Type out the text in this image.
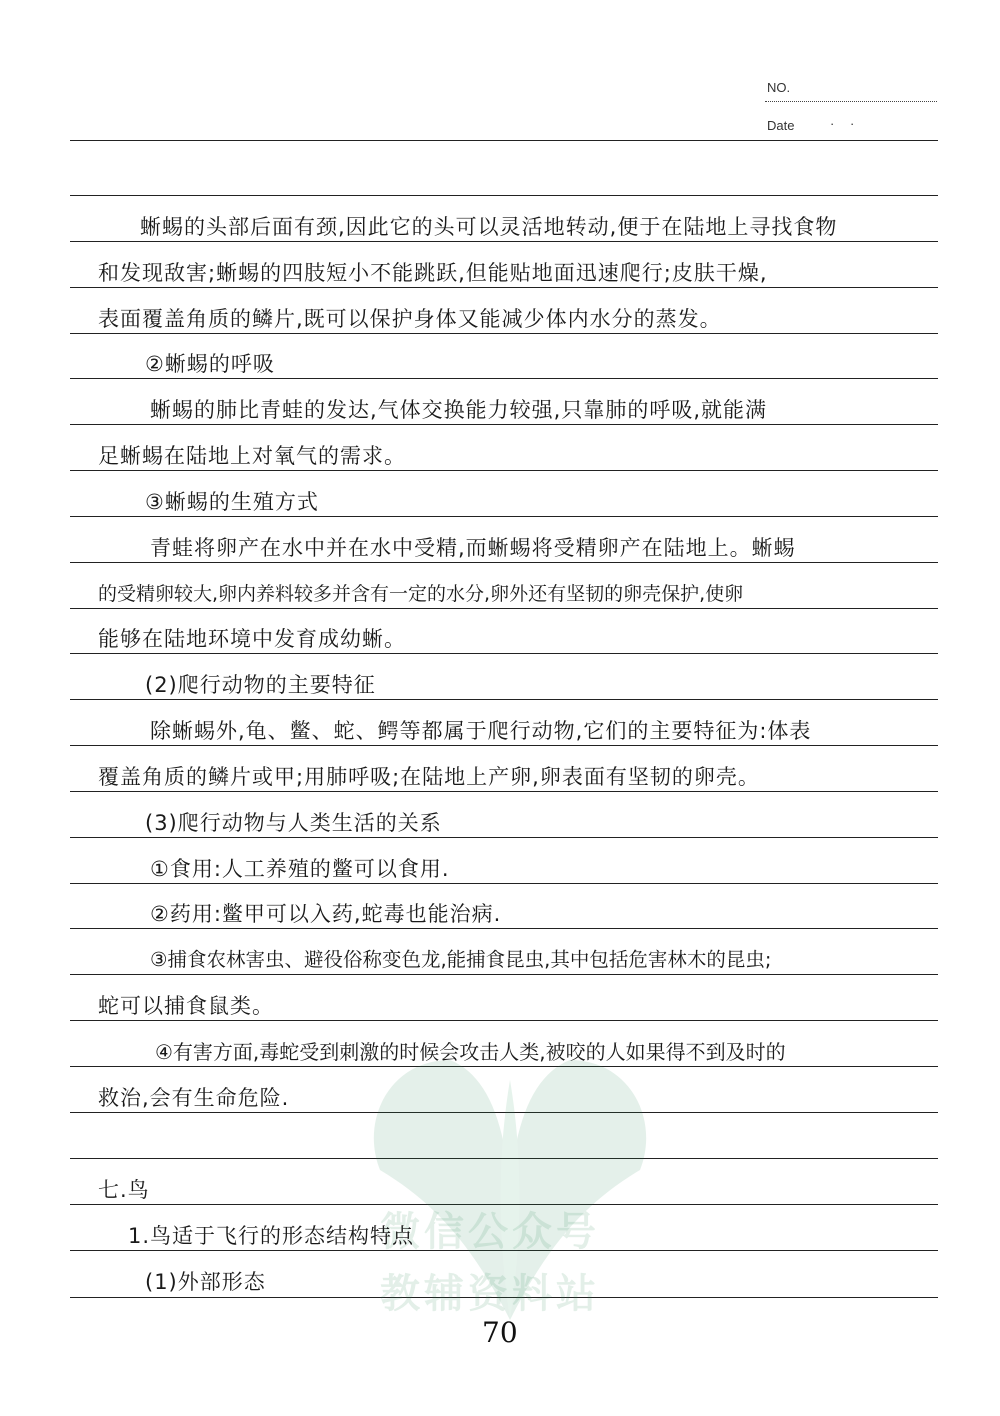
NO.
Date	· ·
微信公众号
教辅资料站
蜥蜴的头部后面有颈,因此它的头可以灵活地转动,便于在陆地上寻找食物
和发现敌害;蜥蜴的四肢短小不能跳跃,但能贴地面迅速爬行;皮肤干燥,
表面覆盖角质的鳞片,既可以保护身体又能减少体内水分的蒸发。
②蜥蜴的呼吸
蜥蜴的肺比青蛙的发达,气体交换能力较强,只靠肺的呼吸,就能满
足蜥蜴在陆地上对氧气的需求。
③蜥蜴的生殖方式
青蛙将卵产在水中并在水中受精,而蜥蜴将受精卵产在陆地上。蜥蜴
的受精卵较大,卵内养料较多并含有一定的水分,卵外还有坚韧的卵壳保护,使卵
能够在陆地环境中发育成幼蜥。
(2)爬行动物的主要特征
除蜥蜴外,龟、鳖、蛇、鳄等都属于爬行动物,它们的主要特征为:体表
覆盖角质的鳞片或甲;用肺呼吸;在陆地上产卵,卵表面有坚韧的卵壳。
(3)爬行动物与人类生活的关系
①食用:人工养殖的鳖可以食用.
②药用:鳖甲可以入药,蛇毒也能治病.
③捕食农林害虫、避役俗称变色龙,能捕食昆虫,其中包括危害林木的昆虫;
蛇可以捕食鼠类。
④有害方面,毒蛇受到刺激的时候会攻击人类,被咬的人如果得不到及时的
救治,会有生命危险.
七.鸟
1.鸟适于飞行的形态结构特点
(1)外部形态
70
